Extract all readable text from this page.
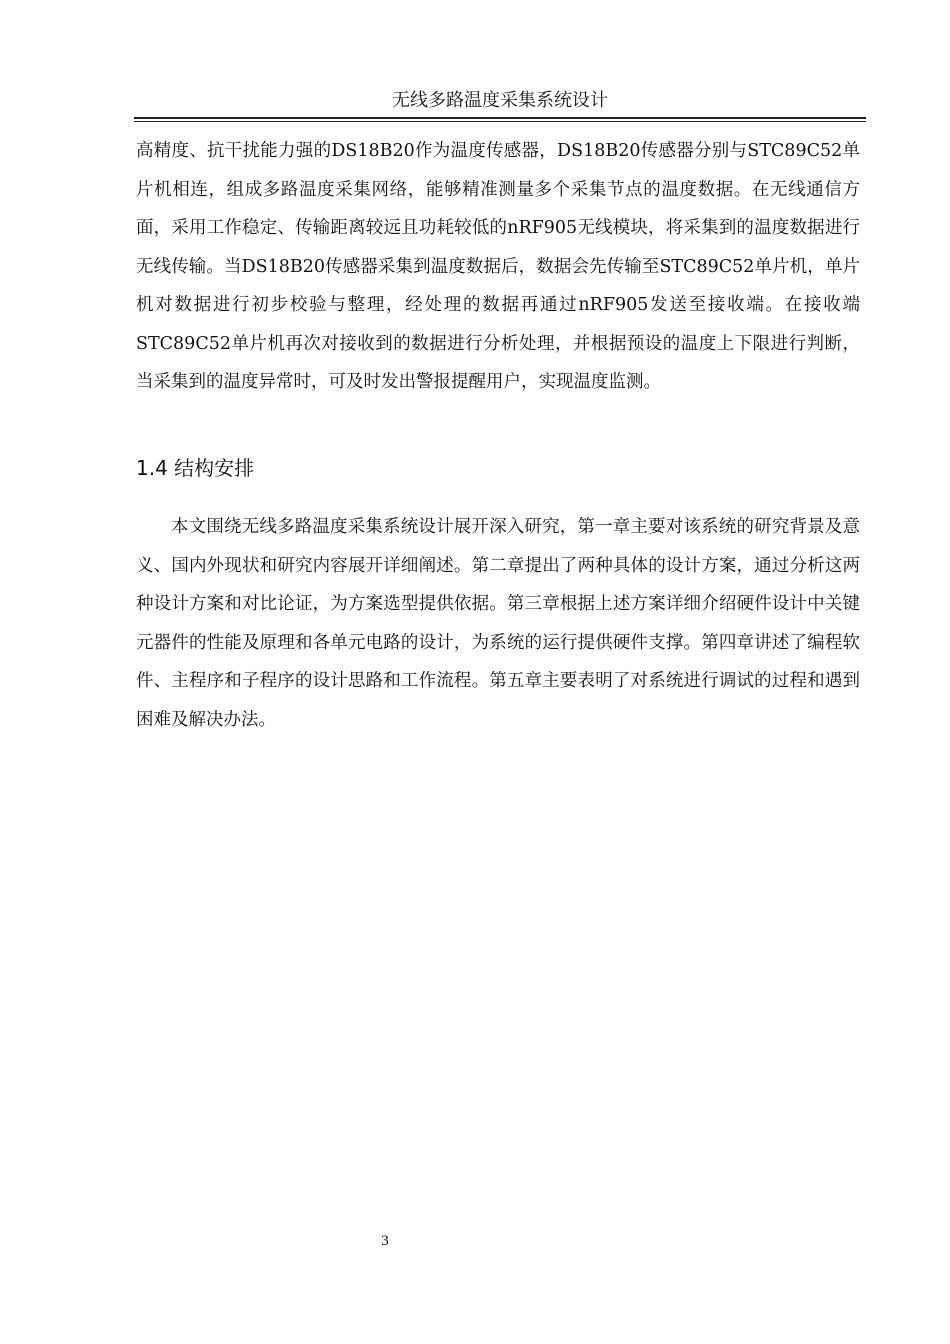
无线多路温度采集系统设计

高精度、抗干扰能力强的DS18B20作为温度传感器，DS18B20传感器分别与STC89C52单片机相连，组成多路温度采集网络，能够精准测量多个采集节点的温度数据。在无线通信方面，采用工作稳定、传输距离较远且功耗较低的nRF905无线模块，将采集到的温度数据进行无线传输。当DS18B20传感器采集到温度数据后，数据会先传输至STC89C52单片机，单片机对数据进行初步校验与整理，经处理的数据再通过nRF905发送至接收端。在接收端STC89C52单片机再次对接收到的数据进行分析处理，并根据预设的温度上下限进行判断，当采集到的温度异常时，可及时发出警报提醒用户，实现温度监测。

1.4 结构安排

本文围绕无线多路温度采集系统设计展开深入研究，第一章主要对该系统的研究背景及意义、国内外现状和研究内容展开详细阐述。第二章提出了两种具体的设计方案，通过分析这两种设计方案和对比论证，为方案选型提供依据。第三章根据上述方案详细介绍硬件设计中关键元器件的性能及原理和各单元电路的设计，为系统的运行提供硬件支撑。第四章讲述了编程软件、主程序和子程序的设计思路和工作流程。第五章主要表明了对系统进行调试的过程和遇到困难及解决办法。

3
